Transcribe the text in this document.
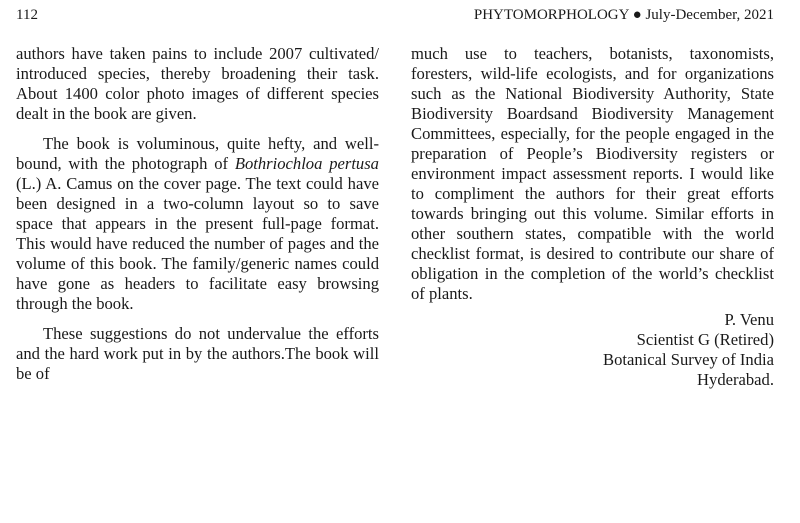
112	PHYTOMORPHOLOGY ● July-December, 2021

authors have taken pains to include 2007 cultivated/ introduced species, thereby broadening their task. About 1400 color photo images of different species dealt in the book are given.

The book is voluminous, quite hefty, and well-bound, with the photograph of Bothriochloa pertusa (L.) A. Camus on the cover page. The text could have been designed in a two-column layout so to save space that appears in the present full-page format. This would have reduced the number of pages and the volume of this book. The family/generic names could have gone as headers to facilitate easy browsing through the book.

These suggestions do not undervalue the efforts and the hard work put in by the authors.The book will be of

much use to teachers, botanists, taxonomists, foresters, wild-life ecologists, and for organizations such as the National Biodiversity Authority, State Biodiversity Boardsand Biodiversity Management Committees, especially, for the people engaged in the preparation of People’s Biodiversity registers or environment impact assessment reports. I would like to compliment the authors for their great efforts towards bringing out this volume. Similar efforts in other southern states, compatible with the world checklist format, is desired to contribute our share of obligation in the completion of the world’s checklist of plants.

P. Venu
Scientist G (Retired)
Botanical Survey of India
Hyderabad.
